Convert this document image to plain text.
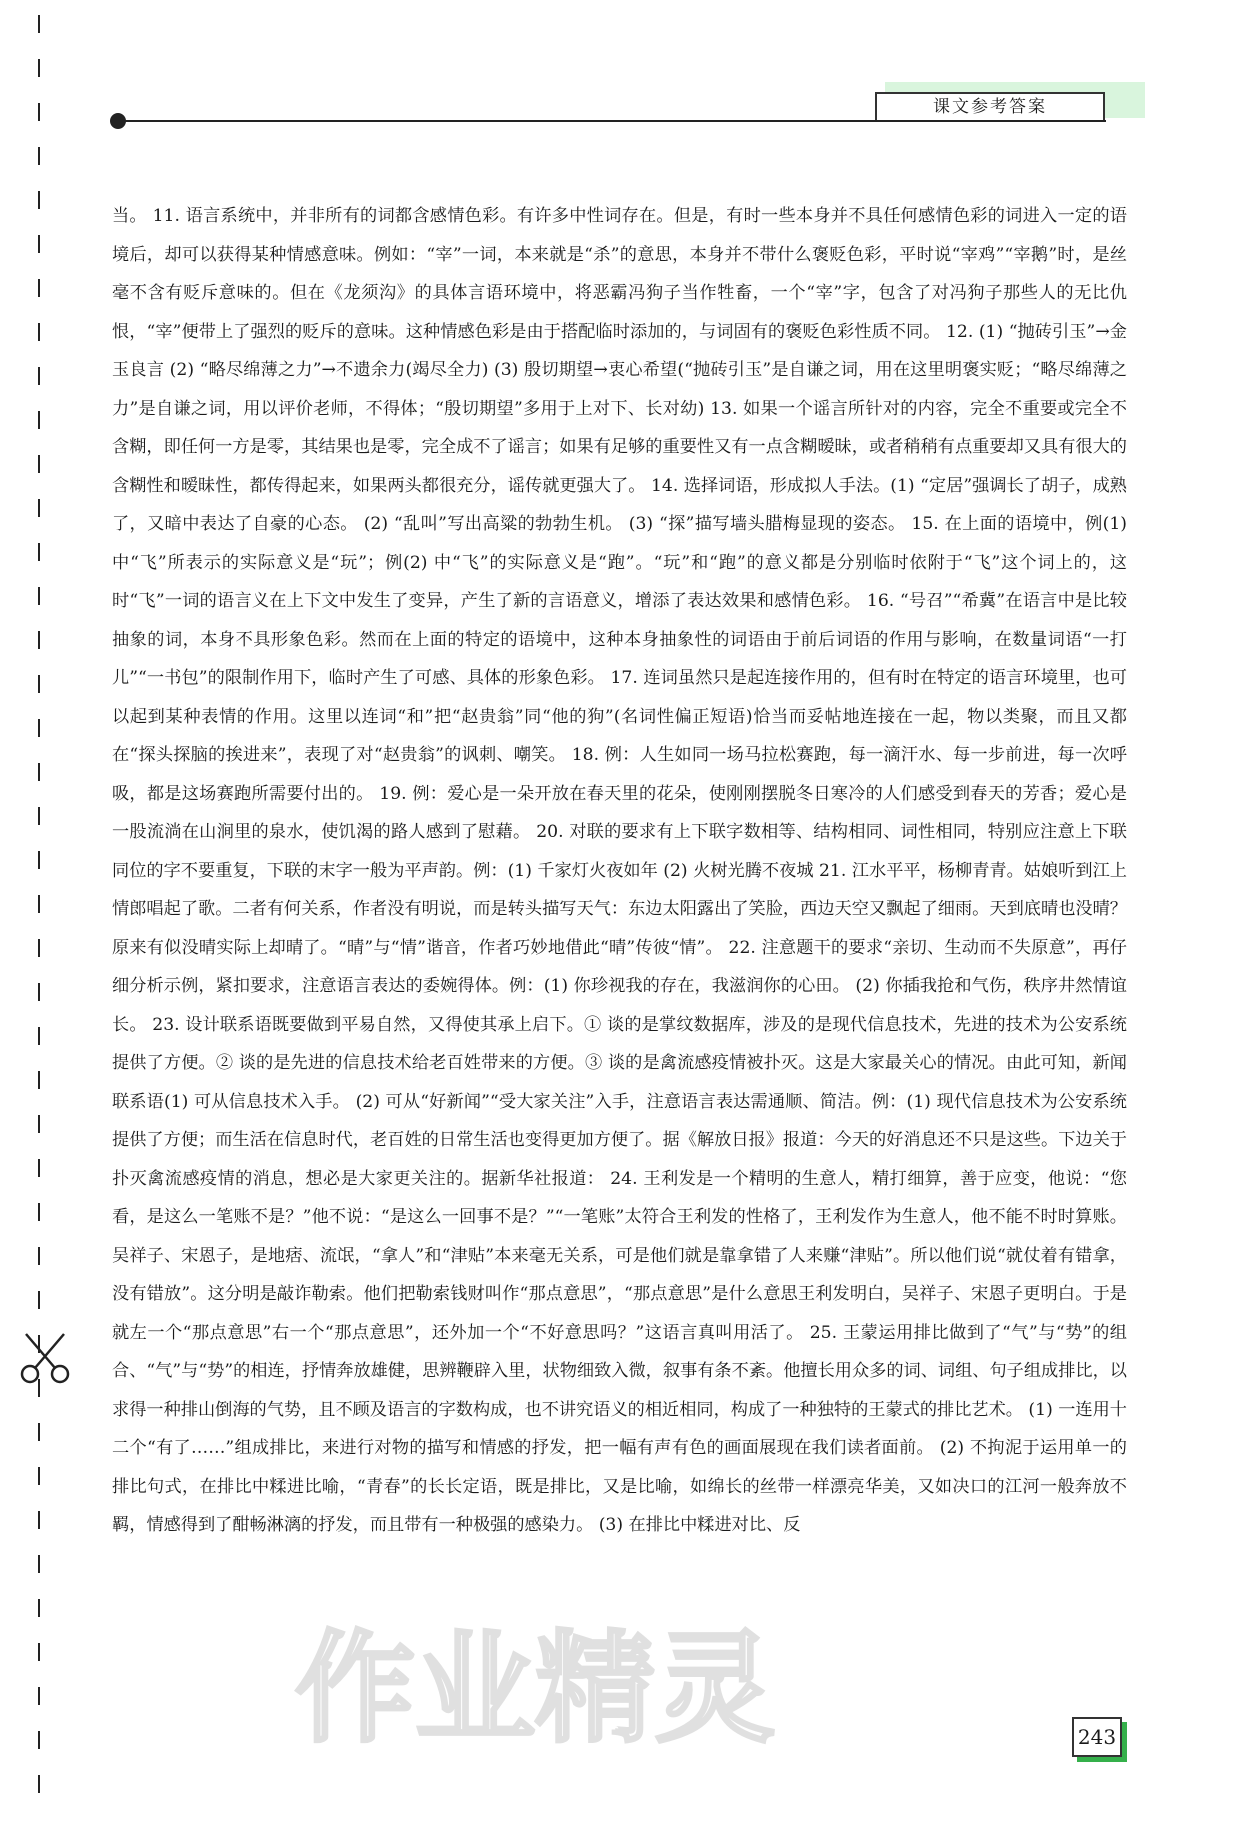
课文参考答案

当。 11. 语言系统中，并非所有的词都含感情色彩。有许多中性词存在。但是，有时一些本身并不具任何感情色彩的词进入一定的语境后，却可以获得某种情感意味。例如：“宰”一词，本来就是“杀”的意思，本身并不带什么褒贬色彩，平时说“宰鸡”“宰鹅”时，是丝毫不含有贬斥意味的。但在《龙须沟》的具体言语环境中，将恶霸冯狗子当作牲畜，一个“宰”字，包含了对冯狗子那些人的无比仇恨，“宰”便带上了强烈的贬斥的意味。这种情感色彩是由于搭配临时添加的，与词固有的褒贬色彩性质不同。 12. (1) “抛砖引玉”→金玉良言 (2) “略尽绵薄之力”→不遗余力(竭尽全力) (3) 殷切期望→衷心希望(“抛砖引玉”是自谦之词，用在这里明褒实贬；“略尽绵薄之力”是自谦之词，用以评价老师，不得体；“殷切期望”多用于上对下、长对幼) 13. 如果一个谣言所针对的内容，完全不重要或完全不含糊，即任何一方是零，其结果也是零，完全成不了谣言；如果有足够的重要性又有一点含糊暧昧，或者稍稍有点重要却又具有很大的含糊性和暧昧性，都传得起来，如果两头都很充分，谣传就更强大了。 14. 选择词语，形成拟人手法。(1) “定居”强调长了胡子，成熟了，又暗中表达了自豪的心态。 (2) “乱叫”写出高粱的勃勃生机。 (3) “探”描写墙头腊梅显现的姿态。 15. 在上面的语境中，例(1)中“飞”所表示的实际意义是“玩”；例(2) 中“飞”的实际意义是“跑”。“玩”和“跑”的意义都是分别临时依附于“飞”这个词上的，这时“飞”一词的语言义在上下文中发生了变异，产生了新的言语意义，增添了表达效果和感情色彩。 16. “号召”“希冀”在语言中是比较抽象的词，本身不具形象色彩。然而在上面的特定的语境中，这种本身抽象性的词语由于前后词语的作用与影响，在数量词语“一打儿”“一书包”的限制作用下，临时产生了可感、具体的形象色彩。 17. 连词虽然只是起连接作用的，但有时在特定的语言环境里，也可以起到某种表情的作用。这里以连词“和”把“赵贵翁”同“他的狗”(名词性偏正短语)恰当而妥帖地连接在一起，物以类聚，而且又都在“探头探脑的挨进来”，表现了对“赵贵翁”的讽刺、嘲笑。 18. 例：人生如同一场马拉松赛跑，每一滴汗水、每一步前进，每一次呼吸，都是这场赛跑所需要付出的。 19. 例：爱心是一朵开放在春天里的花朵，使刚刚摆脱冬日寒冷的人们感受到春天的芳香；爱心是一股流淌在山涧里的泉水，使饥渴的路人感到了慰藉。 20. 对联的要求有上下联字数相等、结构相同、词性相同，特别应注意上下联同位的字不要重复，下联的末字一般为平声韵。例：(1) 千家灯火夜如年 (2) 火树光腾不夜城 21. 江水平平，杨柳青青。姑娘听到江上情郎唱起了歌。二者有何关系，作者没有明说，而是转头描写天气：东边太阳露出了笑脸，西边天空又飘起了细雨。天到底晴也没晴？原来有似没晴实际上却晴了。“晴”与“情”谐音，作者巧妙地借此“晴”传彼“情”。 22. 注意题干的要求“亲切、生动而不失原意”，再仔细分析示例，紧扣要求，注意语言表达的委婉得体。例：(1) 你珍视我的存在，我滋润你的心田。 (2) 你插我抢和气伤，秩序井然情谊长。 23. 设计联系语既要做到平易自然，又得使其承上启下。① 谈的是掌纹数据库，涉及的是现代信息技术，先进的技术为公安系统提供了方便。② 谈的是先进的信息技术给老百姓带来的方便。③ 谈的是禽流感疫情被扑灭。这是大家最关心的情况。由此可知，新闻联系语(1) 可从信息技术入手。 (2) 可从“好新闻”“受大家关注”入手，注意语言表达需通顺、简洁。例：(1) 现代信息技术为公安系统提供了方便；而生活在信息时代，老百姓的日常生活也变得更加方便了。据《解放日报》报道：今天的好消息还不只是这些。下边关于扑灭禽流感疫情的消息，想必是大家更关注的。据新华社报道： 24. 王利发是一个精明的生意人，精打细算，善于应变，他说：“您看，是这么一笔账不是？”他不说：“是这么一回事不是？”“一笔账”太符合王利发的性格了，王利发作为生意人，他不能不时时算账。吴祥子、宋恩子，是地痞、流氓，“拿人”和“津贴”本来毫无关系，可是他们就是靠拿错了人来赚“津贴”。所以他们说“就仗着有错拿，没有错放”。这分明是敲诈勒索。他们把勒索钱财叫作“那点意思”，“那点意思”是什么意思王利发明白，吴祥子、宋恩子更明白。于是就左一个“那点意思”右一个“那点意思”，还外加一个“不好意思吗？”这语言真叫用活了。 25. 王蒙运用排比做到了“气”与“势”的组合、“气”与“势”的相连，抒情奔放雄健，思辨鞭辟入里，状物细致入微，叙事有条不紊。他擅长用众多的词、词组、句子组成排比，以求得一种排山倒海的气势，且不顾及语言的字数构成，也不讲究语义的相近相同，构成了一种独特的王蒙式的排比艺术。 (1) 一连用十二个“有了……”组成排比，来进行对物的描写和情感的抒发，把一幅有声有色的画面展现在我们读者面前。 (2) 不拘泥于运用单一的排比句式，在排比中糅进比喻，“青春”的长长定语，既是排比，又是比喻，如绵长的丝带一样漂亮华美，又如决口的江河一般奔放不羁，情感得到了酣畅淋漓的抒发，而且带有一种极强的感染力。 (3) 在排比中糅进对比、反

作业精灵	243
